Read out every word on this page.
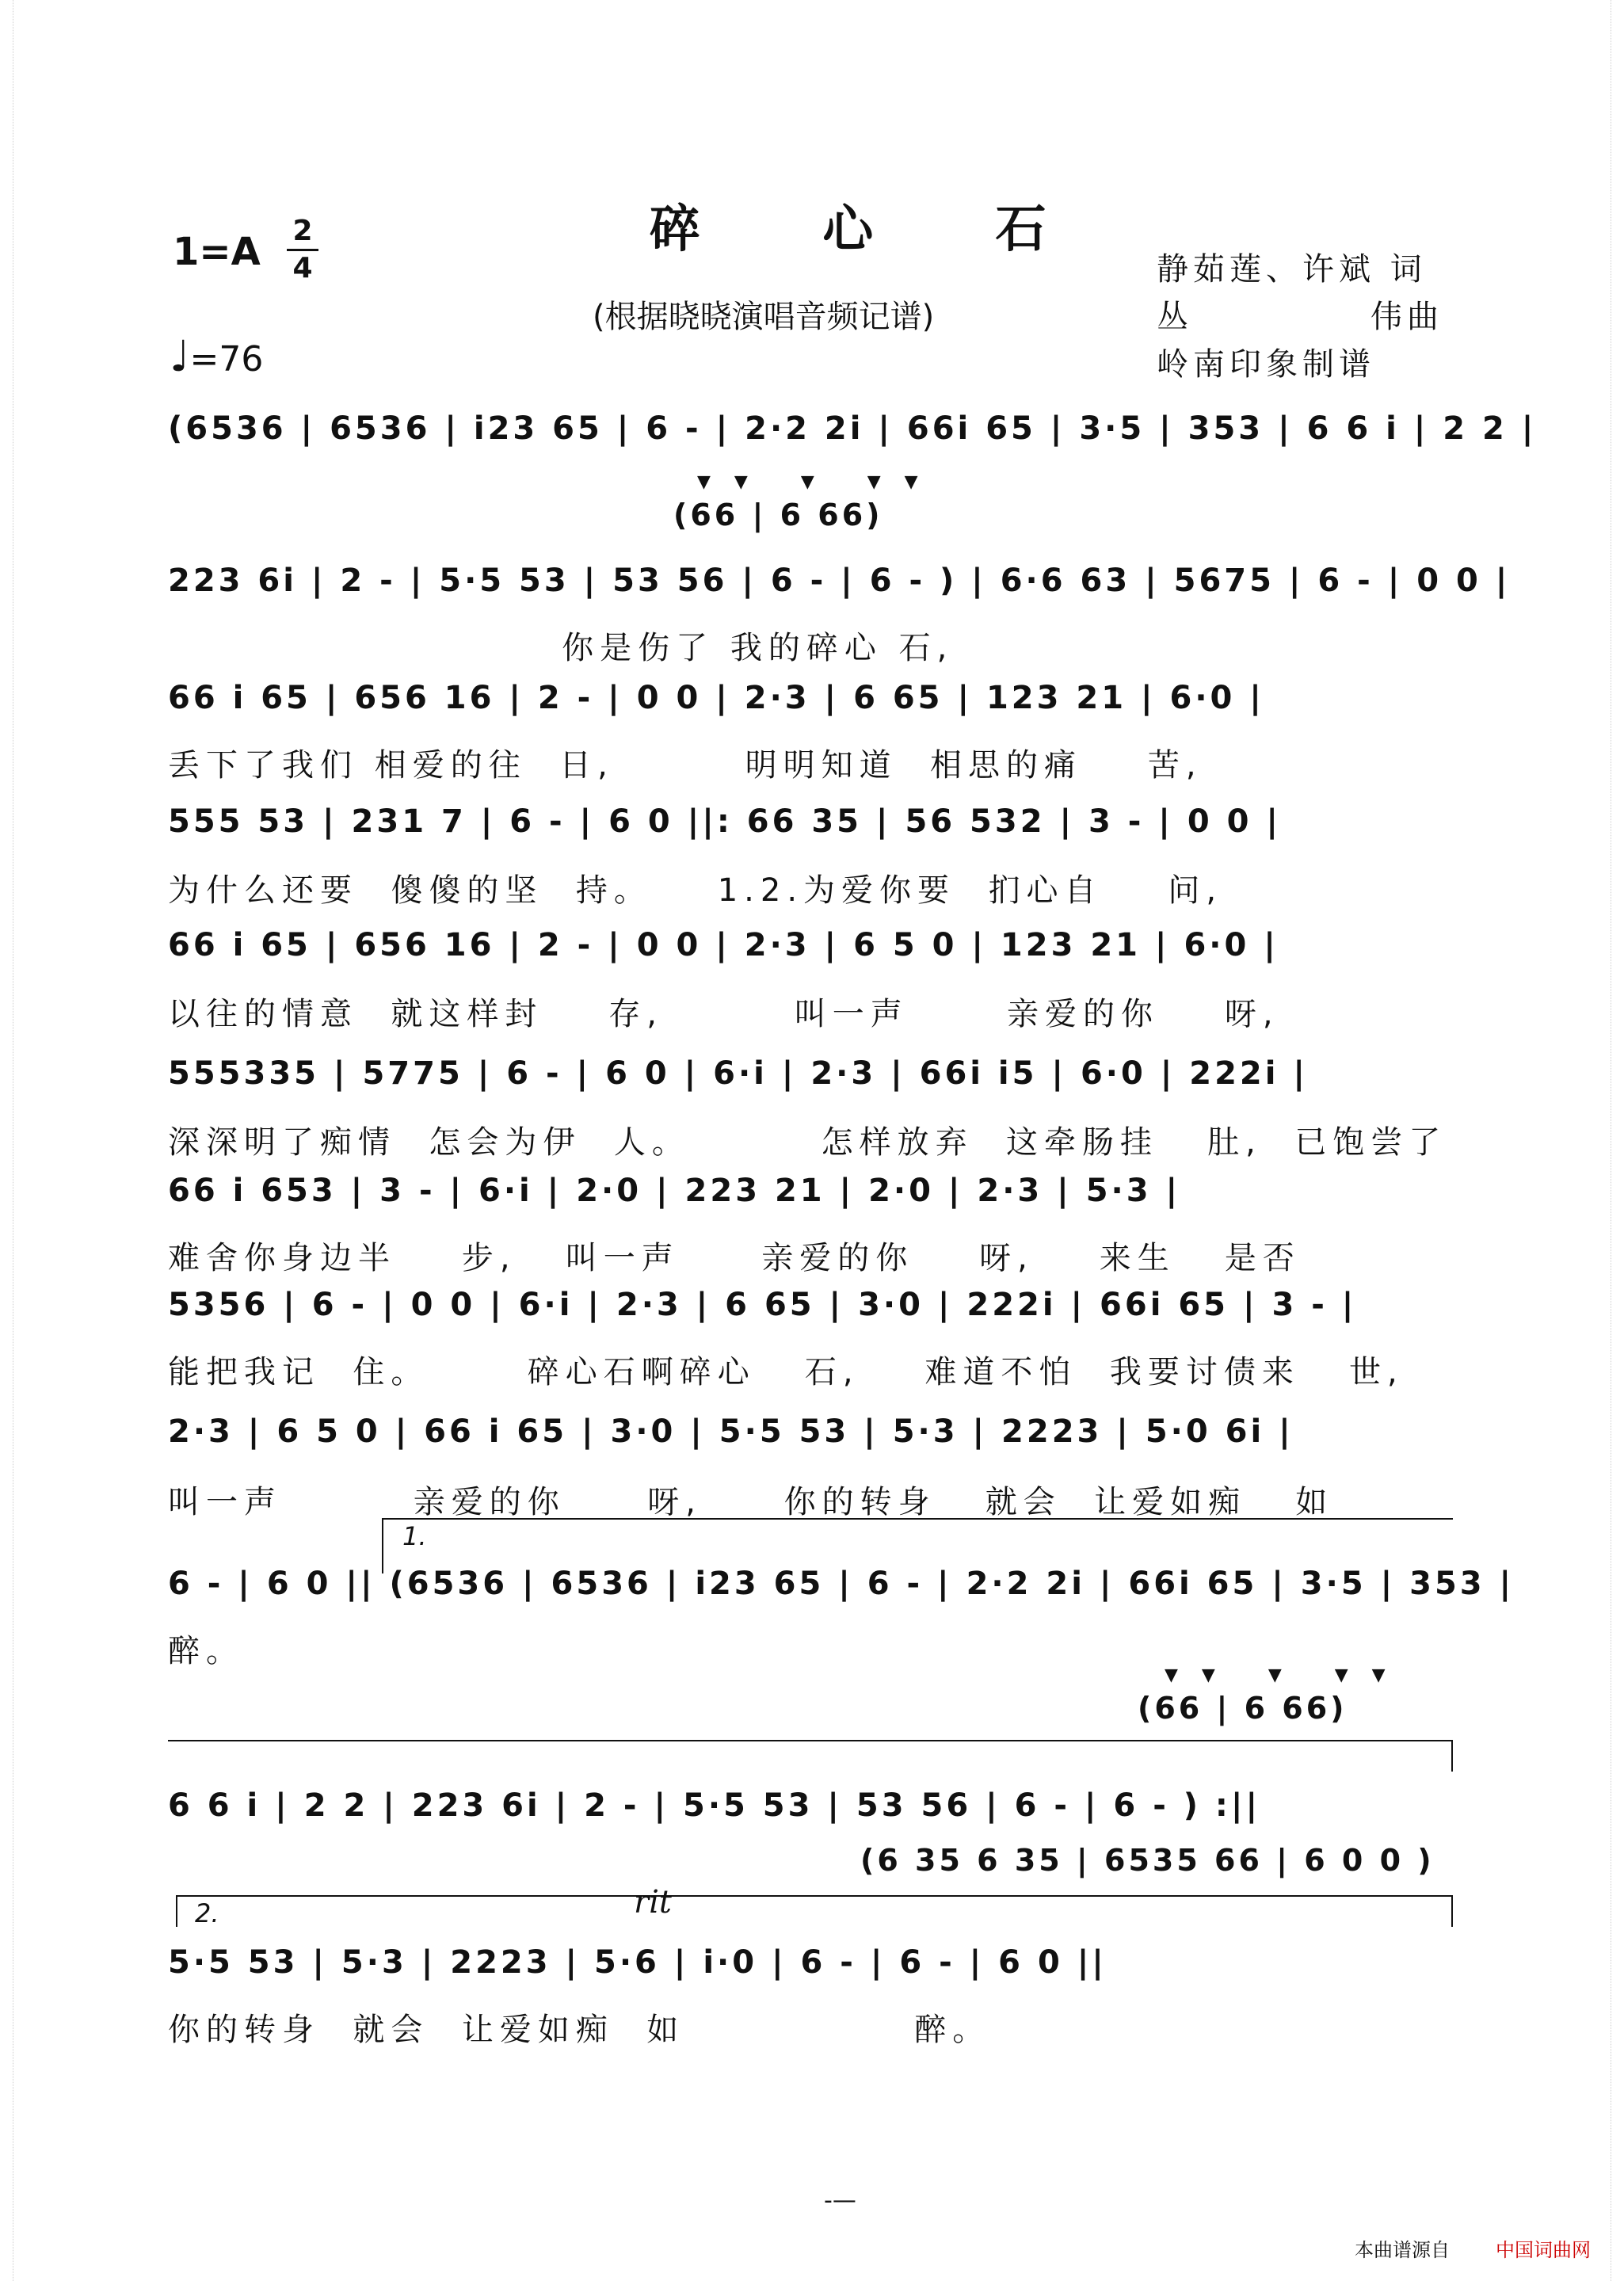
碎 心 石
(根据晓晓演唱音频记谱)
1=A 2
4
♩=76
静茹莲、许斌 词
丛	伟曲
岭南印象制谱
(6536 | 6536 | i23 65 | 6 - | 2·2 2i | 66i 65 | 3·5 | 353 | 6 6 i | 2 2 |
▼▼ ▼ ▼▼
(66 | 6 66)
223 6i | 2 - | 5·5 53 | 53 56 | 6 - | 6 - ) | 6·6 63 | 5675 | 6 - | 0 0 |
你是伤了 我的碎心 石,
66 i 65 | 656 16 | 2 - | 0 0 | 2·3 | 6 65 | 123 21 | 6·0 |
丢下了我们 相爱的往  日,        明明知道  相思的痛    苦,
555 53 | 231 7 | 6 - | 6 0 ||: 66 35 | 56 532 | 3 - | 0 0 |
为什么还要  傻傻的坚  持。    1.2.为爱你要  扪心自    问,
66 i 65 | 656 16 | 2 - | 0 0 | 2·3 | 6 5 0 | 123 21 | 6·0 |
以往的情意  就这样封    存,        叫一声      亲爱的你    呀,
555335 | 5775 | 6 - | 6 0 | 6·i | 2·3 | 66i i5 | 6·0 | 222i |
深深明了痴情  怎会为伊  人。        怎样放弃  这牵肠挂   肚,  已饱尝了
66 i 653 | 3 - | 6·i | 2·0 | 223 21 | 2·0 | 2·3 | 5·3 |
难舍你身边半    步,   叫一声     亲爱的你    呀,    来生   是否
5356 | 6 - | 0 0 | 6·i | 2·3 | 6 65 | 3·0 | 222i | 66i 65 | 3 - |
能把我记  住。      碎心石啊碎心   石,    难道不怕  我要讨债来   世,
2·3 | 6 5 0 | 66 i 65 | 3·0 | 5·5 53 | 5·3 | 2223 | 5·0 6i |
叫一声        亲爱的你     呀,     你的转身   就会  让爱如痴   如
1.
6 - | 6 0 || (6536 | 6536 | i23 65 | 6 - | 2·2 2i | 66i 65 | 3·5 | 353 |
醉。
▼▼ ▼ ▼▼
(66 | 6 66)
6 6 i | 2 2 | 223 6i | 2 - | 5·5 53 | 53 56 | 6 - | 6 - ) :||
(6 35 6 35 | 6535 66 | 6 0 0 )
2.	rit
5·5 53 | 5·3 | 2223 | 5·6 | i·0 | 6 - | 6 - | 6 0 ||
你的转身  就会  让爱如痴  如              醉。
-—
本曲谱源自 中国词曲网
